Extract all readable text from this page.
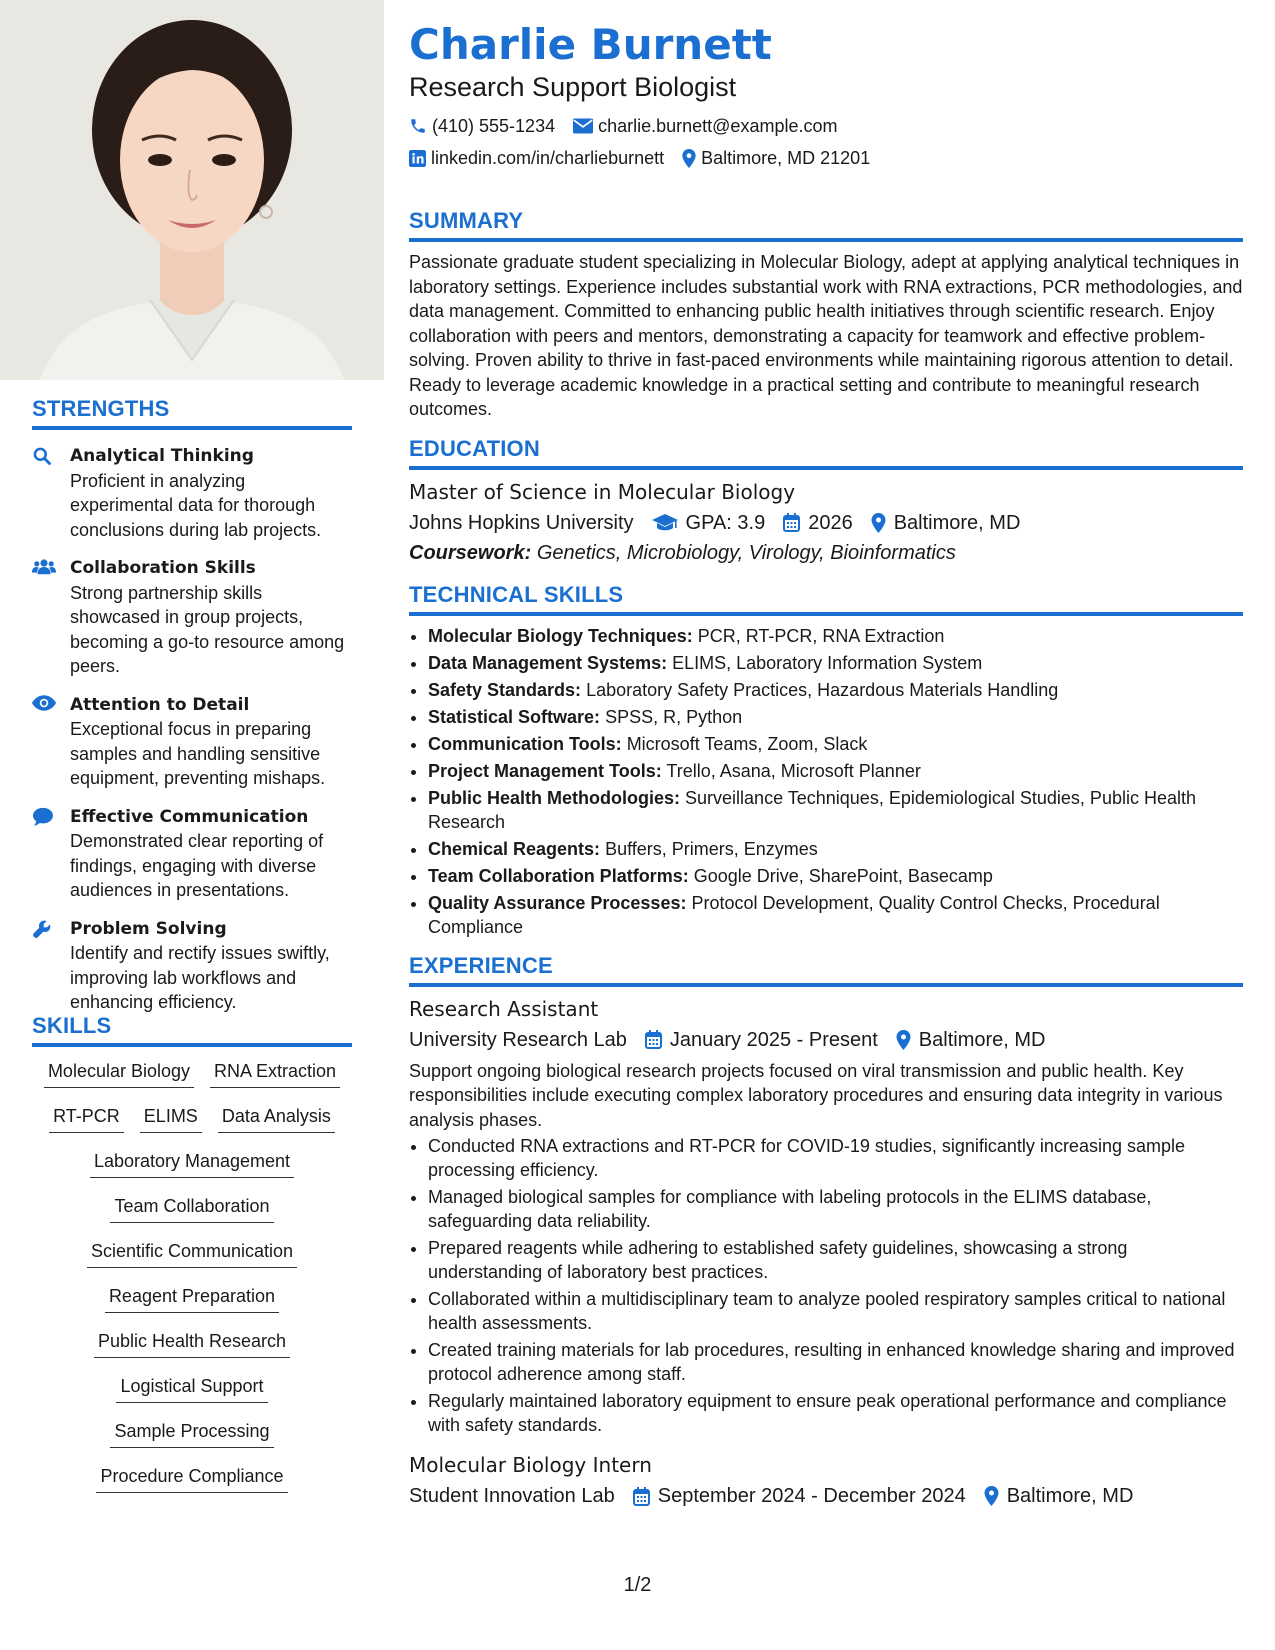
STRENGTHS
Analytical Thinking
Proficient in analyzing experimental data for thorough conclusions during lab projects.
Collaboration Skills
Strong partnership skills showcased in group projects, becoming a go-to resource among peers.
Attention to Detail
Exceptional focus in preparing samples and handling sensitive equipment, preventing mishaps.
Effective Communication
Demonstrated clear reporting of findings, engaging with diverse audiences in presentations.
Problem Solving
Identify and rectify issues swiftly, improving lab workflows and enhancing efficiency.
SKILLS
Molecular Biology RNA Extraction
RT-PCR ELIMS Data Analysis
Laboratory Management
Team Collaboration
Scientific Communication
Reagent Preparation
Public Health Research
Logistical Support
Sample Processing
Procedure Compliance
Charlie Burnett
Research Support Biologist
(410) 555-1234 charlie.burnett@example.com
linkedin.com/in/charlieburnett Baltimore, MD 21201
SUMMARY

Passionate graduate student specializing in Molecular Biology, adept at applying analytical techniques in laboratory settings. Experience includes substantial work with RNA extractions, PCR methodologies, and data management. Committed to enhancing public health initiatives through scientific research. Enjoy collaboration with peers and mentors, demonstrating a capacity for teamwork and effective problem-solving. Proven ability to thrive in fast-paced environments while maintaining rigorous attention to detail. Ready to leverage academic knowledge in a practical setting and contribute to meaningful research outcomes.

EDUCATION
Master of Science in Molecular Biology
Johns Hopkins University	GPA: 3.9 2026 Baltimore, MD
Coursework: Genetics, Microbiology, Virology, Bioinformatics
TECHNICAL SKILLS
• Molecular Biology Techniques: PCR, RT-PCR, RNA Extraction
• Data Management Systems: ELIMS, Laboratory Information System
• Safety Standards: Laboratory Safety Practices, Hazardous Materials Handling
• Statistical Software: SPSS, R, Python
• Communication Tools: Microsoft Teams, Zoom, Slack
• Project Management Tools: Trello, Asana, Microsoft Planner
• Public Health Methodologies: Surveillance Techniques, Epidemiological Studies, Public Health Research
• Chemical Reagents: Buffers, Primers, Enzymes
• Team Collaboration Platforms: Google Drive, SharePoint, Basecamp
• Quality Assurance Processes: Protocol Development, Quality Control Checks, Procedural Compliance
EXPERIENCE
Research Assistant
University Research Lab January 2025 - Present Baltimore, MD

Support ongoing biological research projects focused on viral transmission and public health. Key responsibilities include executing complex laboratory procedures and ensuring data integrity in various analysis phases.

• Conducted RNA extractions and RT-PCR for COVID-19 studies, significantly increasing sample processing efficiency.
• Managed biological samples for compliance with labeling protocols in the ELIMS database, safeguarding data reliability.
• Prepared reagents while adhering to established safety guidelines, showcasing a strong understanding of laboratory best practices.
• Collaborated within a multidisciplinary team to analyze pooled respiratory samples critical to national health assessments.
• Created training materials for lab procedures, resulting in enhanced knowledge sharing and improved protocol adherence among staff.
• Regularly maintained laboratory equipment to ensure peak operational performance and compliance with safety standards.
Molecular Biology Intern
Student Innovation Lab September 2024 - December 2024 Baltimore, MD
1/2
